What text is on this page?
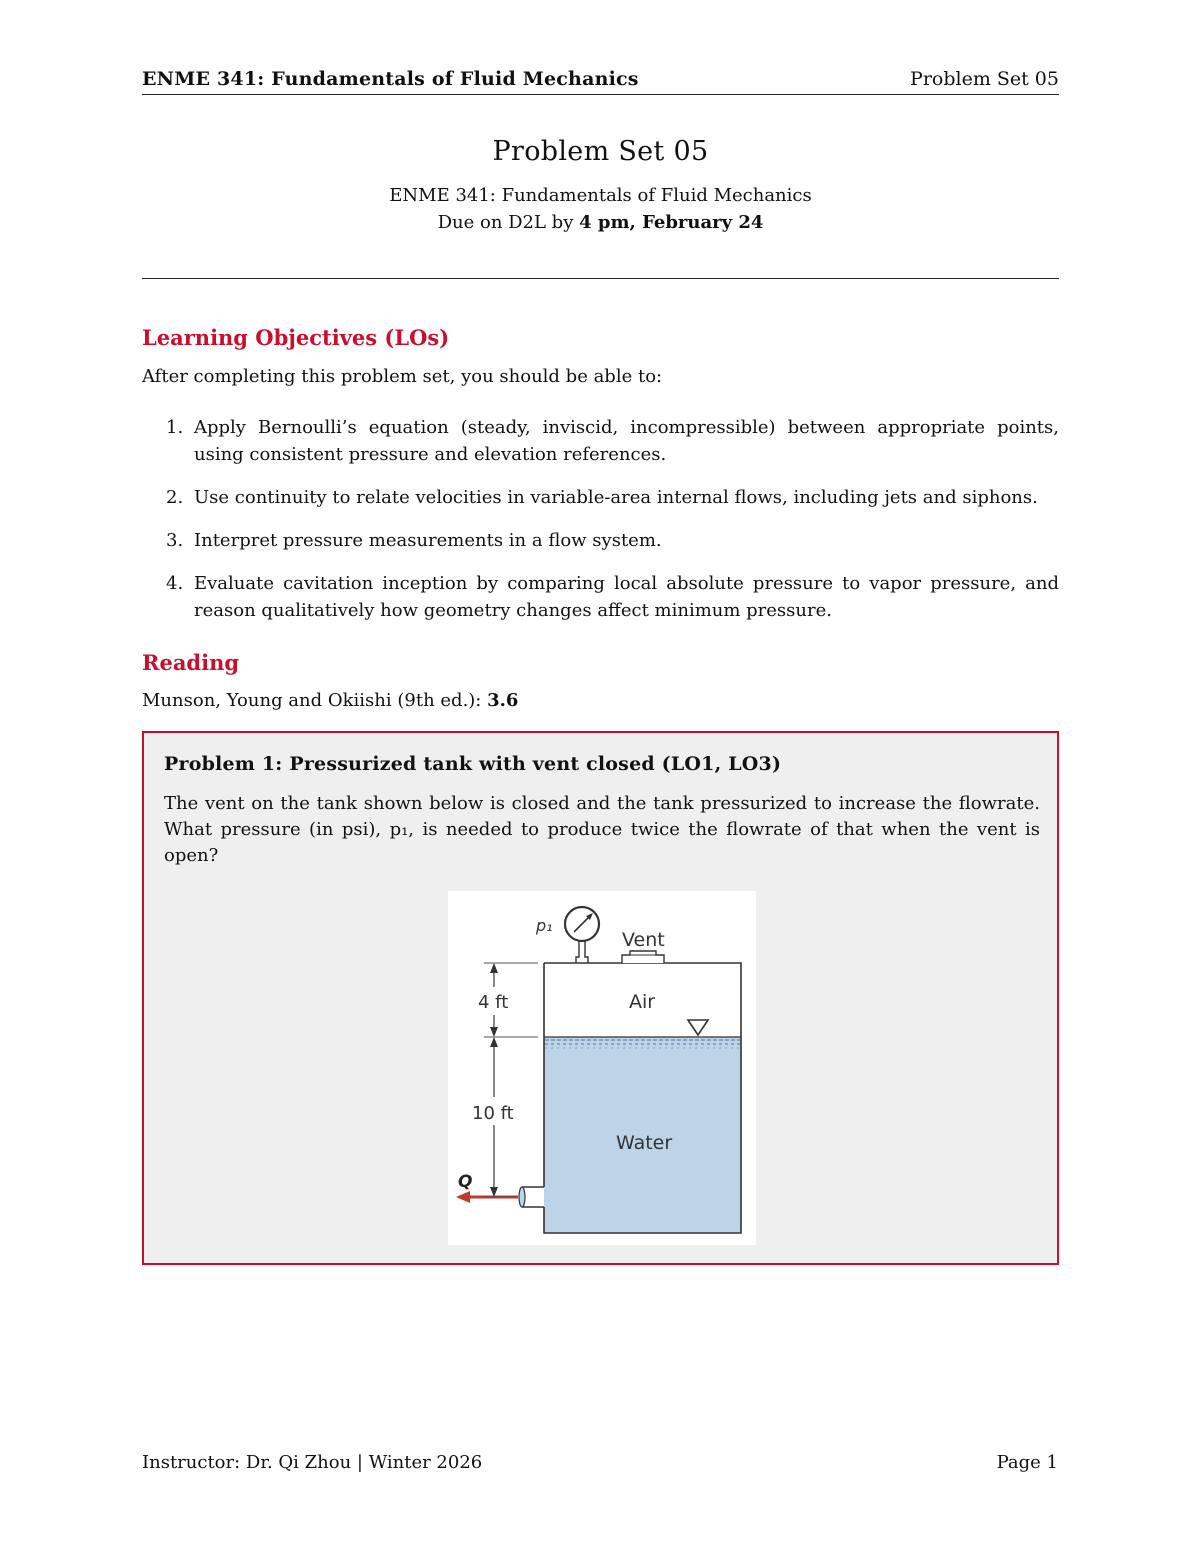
ENME 341: Fundamentals of Fluid Mechanics	Problem Set 05
Problem Set 05
ENME 341: Fundamentals of Fluid Mechanics
Due on D2L by 4 pm, February 24
Learning Objectives (LOs)
After completing this problem set, you should be able to:
1. Apply Bernoulli’s equation (steady, inviscid, incompressible) between appropriate points, using consistent pressure and elevation references.
2. Use continuity to relate velocities in variable-area internal flows, including jets and siphons.
3. Interpret pressure measurements in a flow system.
4. Evaluate cavitation inception by comparing local absolute pressure to vapor pressure, and reason qualitatively how geometry changes affect minimum pressure.
Reading
Munson, Young and Okiishi (9th ed.): 3.6
Problem 1: Pressurized tank with vent closed (LO1, LO3)
The vent on the tank shown below is closed and the tank pressurized to increase the flowrate. What pressure (in psi), p₁, is needed to produce twice the flowrate of that when the vent is open?
Q
p₁
Vent
Air
Water
4 ft
10 ft
Instructor: Dr. Qi Zhou | Winter 2026	Page 1
